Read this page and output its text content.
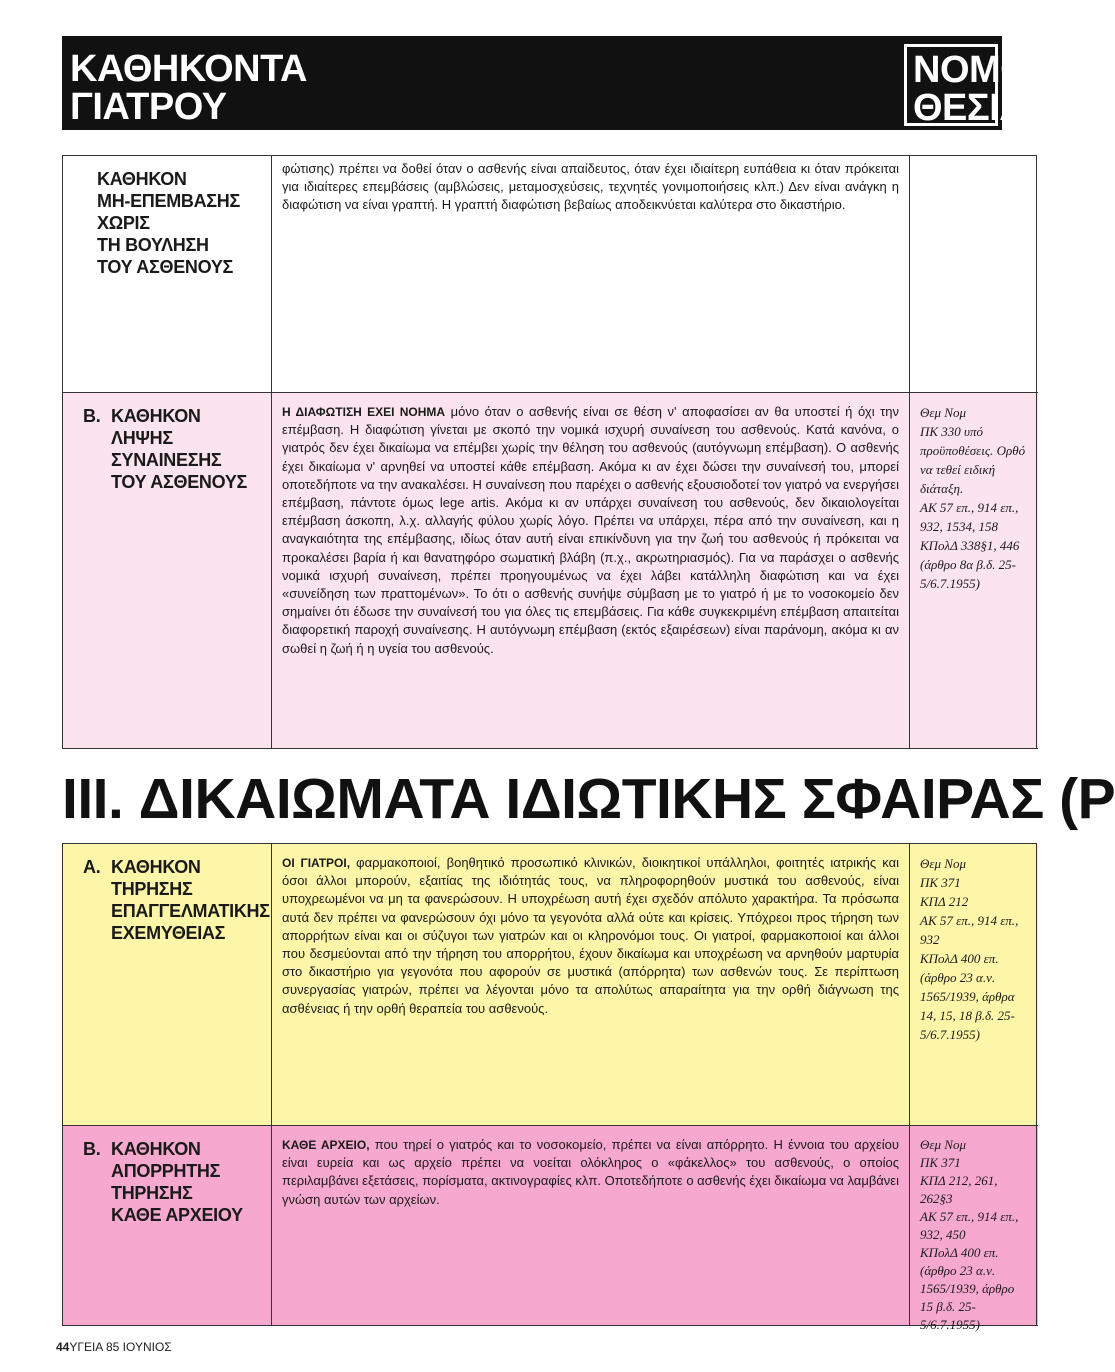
ΚΑΘΗΚΟΝΤΑ
ΓΙΑΤΡΟΥ
ΝΟΜΟ-
ΘΕΣΙΑ
ΚΑΘΗΚΟΝ
ΜΗ-ΕΠΕΜΒΑΣΗΣ
ΧΩΡΙΣ
ΤΗ ΒΟΥΛΗΣΗ
ΤΟΥ ΑΣΘΕΝΟΥΣ
φώτισης) πρέπει να δοθεί όταν ο ασθενής είναι απαίδευτος, όταν έχει ιδιαίτερη ευπάθεια κι όταν πρόκειται για ιδιαίτερες επεμβάσεις (αμβλώσεις, μεταμοσχεύσεις, τεχνητές γονιμοποιήσεις κλπ.) Δεν είναι ανάγκη η διαφώτιση να είναι γραπτή. Η γραπτή διαφώτιση βεβαίως αποδεικνύεται καλύτερα στο δικαστήριο.
B. ΚΑΘΗΚΟΝ
ΛΗΨΗΣ
ΣΥΝΑΙΝΕΣΗΣ
ΤΟΥ ΑΣΘΕΝΟΥΣ
Η ΔΙΑΦΩΤΙΣΗ ΕΧΕΙ ΝΟΗΜΑ μόνο όταν ο ασθενής είναι σε θέση ν' αποφασίσει αν θα υποστεί ή όχι την επέμβαση. Η διαφώτιση γίνεται με σκοπό την νομικά ισχυρή συναίνεση του ασθενούς. Κατά κανόνα, ο γιατρός δεν έχει δικαίωμα να επέμβει χωρίς την θέληση του ασθενούς (αυτόγνωμη επέμβαση). Ο ασθενής έχει δικαίωμα ν' αρνηθεί να υποστεί κάθε επέμβαση. Ακόμα κι αν έχει δώσει την συναίνεσή του, μπορεί οποτεδήποτε να την ανακαλέσει. Η συναίνεση που παρέχει ο ασθενής εξουσιοδοτεί τον γιατρό να ενεργήσει επέμβαση, πάντοτε όμως lege artis. Ακόμα κι αν υπάρχει συναίνεση του ασθενούς, δεν δικαιολογείται επέμβαση άσκοπη, λ.χ. αλλαγής φύλου χωρίς λόγο. Πρέπει να υπάρχει, πέρα από την συναίνεση, και η αναγκαιότητα της επέμβασης, ιδίως όταν αυτή είναι επικίνδυνη για την ζωή του ασθενούς ή πρόκειται να προκαλέσει βαρία ή και θανατηφόρο σωματική βλάβη (π.χ., ακρωτηριασμός). Για να παράσχει ο ασθενής νομικά ισχυρή συναίνεση, πρέπει προηγουμένως να έχει λάβει κατάλληλη διαφώτιση και να έχει «συνείδηση των πραττομένων». Το ότι ο ασθενής συνήψε σύμβαση με το γιατρό ή με το νοσοκομείο δεν σημαίνει ότι έδωσε την συναίνεσή του για όλες τις επεμβάσεις. Για κάθε συγκεκριμένη επέμβαση απαιτείται διαφορετική παροχή συναίνεσης. Η αυτόγνωμη επέμβαση (εκτός εξαιρέσεων) είναι παράνομη, ακόμα κι αν σωθεί η ζωή ή η υγεία του ασθενούς.
Θεμ Νομ
ΠΚ 330 υπό προϋποθέσεις. Ορθό να τεθεί ειδική διάταξη.
ΑΚ 57 επ., 914 επ., 932, 1534, 158
ΚΠολΔ 338§1, 446
(άρθρο 8α β.δ. 25-5/6.7.1955)
III. ΔΙΚΑΙΩΜΑΤΑ ΙΔΙΩΤΙΚΗΣ ΣΦΑΙΡΑΣ (Ρ
A. ΚΑΘΗΚΟΝ
ΤΗΡΗΣΗΣ
ΕΠΑΓΓΕΛΜΑΤΙΚΗΣ
ΕΧΕΜΥΘΕΙΑΣ
ΟΙ ΓΙΑΤΡΟΙ, φαρμακοποιοί, βοηθητικό προσωπικό κλινικών, διοικητικοί υπάλληλοι, φοιτητές ιατρικής και όσοι άλλοι μπορούν, εξαιτίας της ιδιότητάς τους, να πληροφορηθούν μυστικά του ασθενούς, είναι υποχρεωμένοι να μη τα φανερώσουν. Η υποχρέωση αυτή έχει σχεδόν απόλυτο χαρακτήρα. Τα πρόσωπα αυτά δεν πρέπει να φανερώσουν όχι μόνο τα γεγονότα αλλά ούτε και κρίσεις. Υπόχρεοι προς τήρηση των απορρήτων είναι και οι σύζυγοι των γιατρών και οι κληρονόμοι τους. Οι γιατροί, φαρμακοποιοί και άλλοι που δεσμεύονται από την τήρηση του απορρήτου, έχουν δικαίωμα και υποχρέωση να αρνηθούν μαρτυρία στο δικαστήριο για γεγονότα που αφορούν σε μυστικά (απόρρητα) των ασθενών τους. Σε περίπτωση συνεργασίας γιατρών, πρέπει να λέγονται μόνο τα απολύτως απαραίτητα για την ορθή διάγνωση της ασθένειας ή την ορθή θεραπεία του ασθενούς.
Θεμ Νομ
ΠΚ 371
ΚΠΔ 212
ΑΚ 57 επ., 914 επ., 932
ΚΠολΔ 400 επ.
(άρθρο 23 α.ν. 1565/1939, άρθρα 14, 15, 18 β.δ. 25-5/6.7.1955)
B. ΚΑΘΗΚΟΝ
ΑΠΟΡΡΗΤΗΣ
ΤΗΡΗΣΗΣ
ΚΑΘΕ ΑΡΧΕΙΟΥ
ΚΑΘΕ ΑΡΧΕΙΟ, που τηρεί ο γιατρός και το νοσοκομείο, πρέπει να είναι απόρρητο. Η έννοια του αρχείου είναι ευρεία και ως αρχείο πρέπει να νοείται ολόκληρος ο «φάκελλος» του ασθενούς, ο οποίος περιλαμβάνει εξετάσεις, πορίσματα, ακτινογραφίες κλπ. Οποτεδήποτε ο ασθενής έχει δικαίωμα να λαμβάνει γνώση αυτών των αρχείων.
Θεμ Νομ
ΠΚ 371
ΚΠΔ 212, 261, 262§3
ΑΚ 57 επ., 914 επ., 932, 450
ΚΠολΔ 400 επ.
(άρθρο 23 α.ν. 1565/1939, άρθρο 15 β.δ. 25-5/6.7.1955)
44ΥΓΕΙΑ 85 ΙΟΥΝΙΟΣ
